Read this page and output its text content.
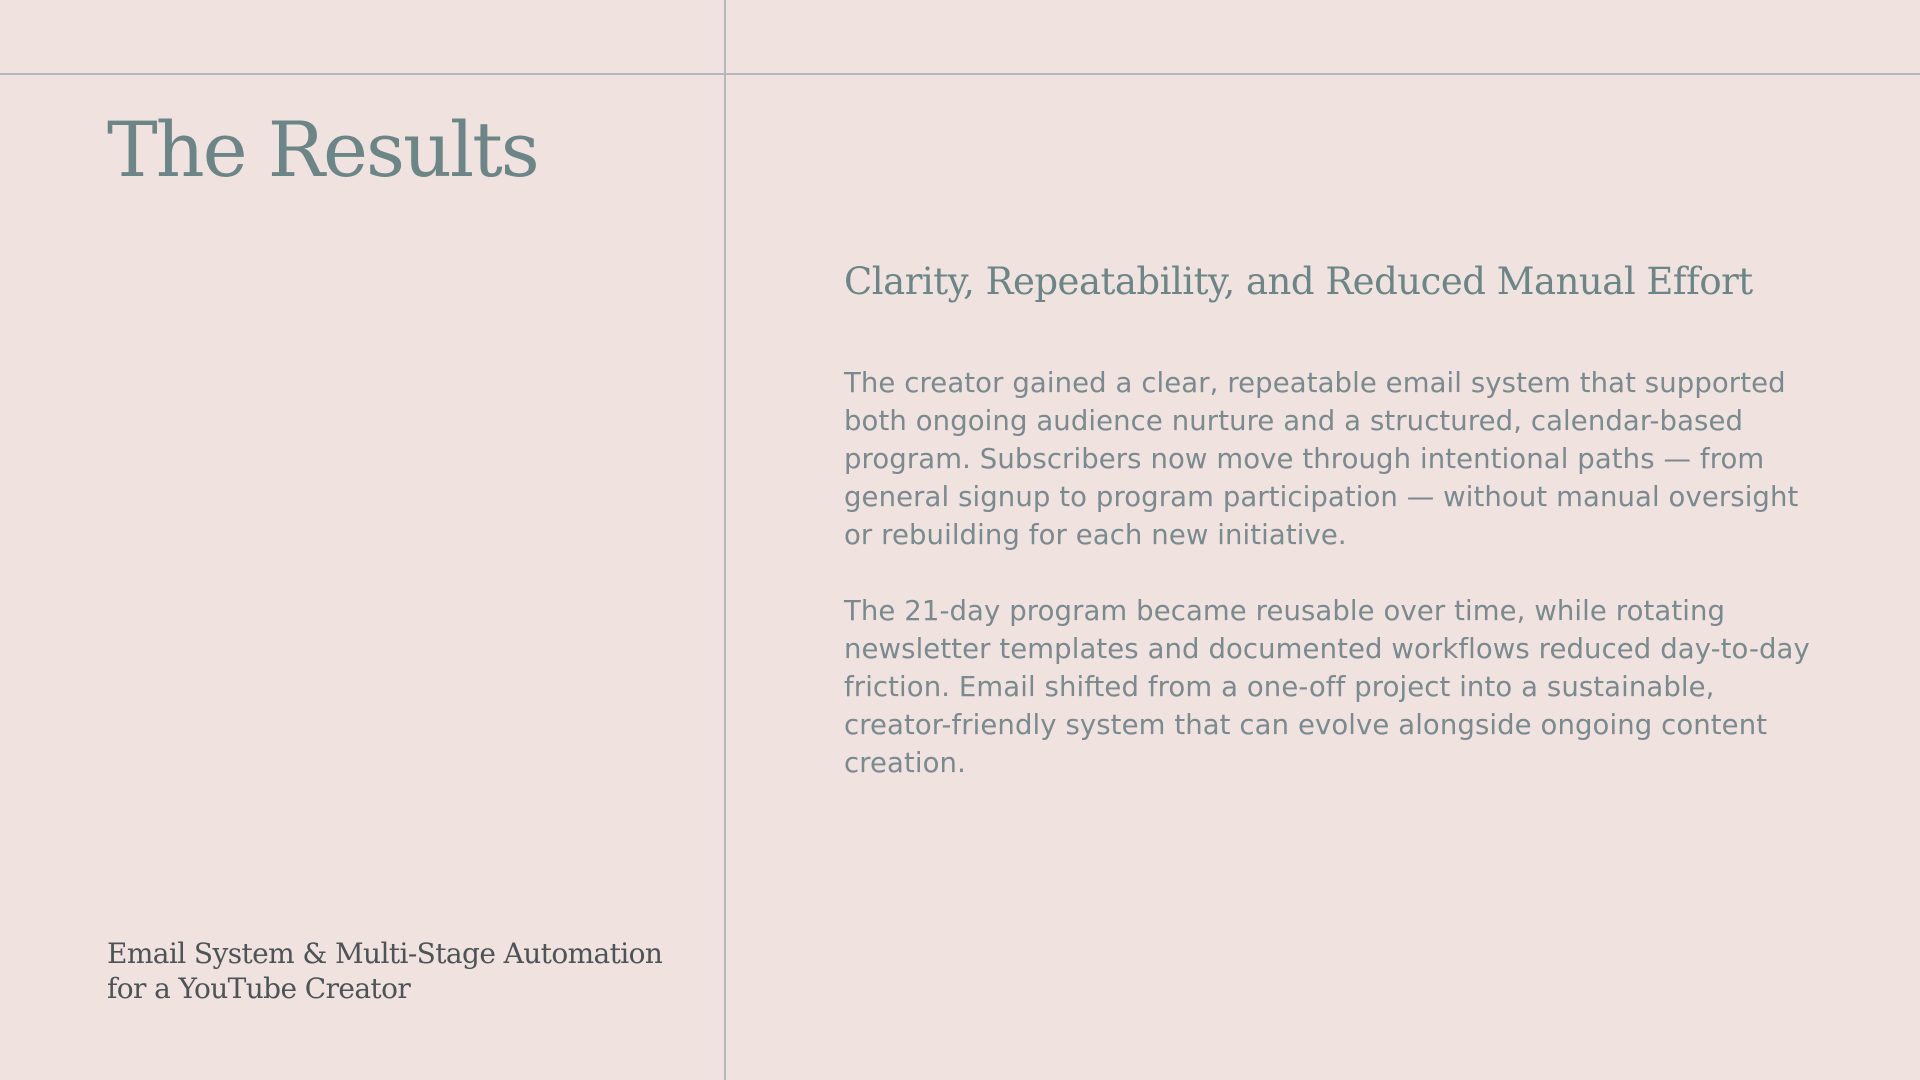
The Results
Email System & Multi-Stage Automation
for a YouTube Creator
Clarity, Repeatability, and Reduced Manual Effort

The creator gained a clear, repeatable email system that supported
both ongoing audience nurture and a structured, calendar-based
program. Subscribers now move through intentional paths — from
general signup to program participation — without manual oversight
or rebuilding for each new initiative.

The 21-day program became reusable over time, while rotating
newsletter templates and documented workflows reduced day-to-day
friction. Email shifted from a one-off project into a sustainable,
creator-friendly system that can evolve alongside ongoing content
creation.
